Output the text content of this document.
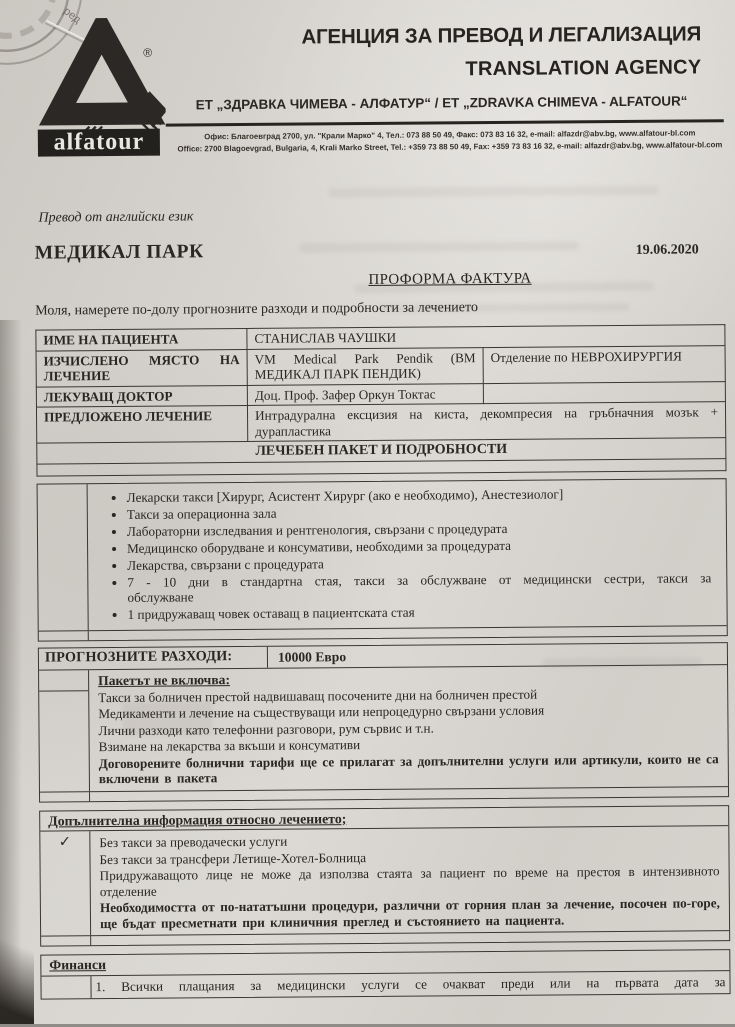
ред
®
alfatour
АГЕНЦИЯ ЗА ПРЕВОД И ЛЕГАЛИЗАЦИЯ
TRANSLATION AGENCY
ЕТ „ЗДРАВКА ЧИМЕВА - АЛФАТУР“ / ЕТ „ZDRAVKA CHIMEVA - ALFATOUR“
Офис: Благоевград 2700, ул. "Крали Марко" 4, Тел.: 073 88 50 49, Факс: 073 83 16 32, e-mail: alfazdr@abv.bg, www.alfatour-bl.com
Office: 2700 Blagoevgrad, Bulgaria, 4, Krali Marko Street, Tel.: +359 73 88 50 49, Fax: +359 73 83 16 32, e-mail: alfazdr@abv.bg, www.alfatour-bl.com
Превод от английски език
МЕДИКАЛ ПАРК	19.06.2020
ПРОФОРМА ФАКТУРА
Моля, намерете по-долу прогнозните разходи и подробности за лечението
ИМЕ НА ПАЦИЕНТА	СТАНИСЛАВ ЧАУШКИ	
ИЗЧИСЛЕНО МЯСТО НА ЛЕЧЕНИЕ	VM Medical Park Pendik (ВМ МЕДИКАЛ ПАРК ПЕНДИК)	Отделение по НЕВРОХИРУРГИЯ
ЛЕКУВАЩ ДОКТОР	Доц. Проф. Зафер Оркун Токтас	
ПРЕДЛОЖЕНО ЛЕЧЕНИЕ	Интрадурална ексцизия на киста, декомпресия на гръбначния мозък + дурапластика	
ЛЕЧЕБЕН ПАКЕТ И ПОДРОБНОСТИ		

• Лекарски такси [Хирург, Асистент Хирург (ако е необходимо), Анестезиолог]
• Такси за операционна зала
• Лабораторни изследвания и рентгенология, свързани с процедурата
• Медицинско оборудване и консумативи, необходими за процедурата
• Лекарства, свързани с процедурата
• 7 - 10 дни в стандартна стая, такси за обслужване от медицински сестри, такси за обслужване
• 1 придружаващ човек оставащ в пациентската стая
ПРОГНОЗНИТЕ РАЗХОДИ:	10000 Евро
Пакетът не включва:
Такси за болничен престой надвишаващ посочените дни на болничен престой
Медикаменти и лечение на съществуващи или непроцедурно свързани условия
Лични разходи като телефонни разговори, рум сървис и т.н.
Взимане на лекарства за вкъши и консумативи
Договорените болнични тарифи ще се прилагат за допълнителни услуги или артикули, които не са включени в пакета
Допълнителна информация относно лечението;
✓	Без такси за преводачески услуги
Без такси за трансфери Летище-Хотел-Болница
Придружаващото лице не може да използва стаята за пациент по време на престоя в интензивното отделение
Необходимостта от по-нататъшни процедури, различни от горния план за лечение, посочен по-горе, ще бъдат пресметнати при клиничния преглед и състоянието на пациента.
Финанси
1. Всички плащания за медицински услуги се очакват преди или на първата дата за
